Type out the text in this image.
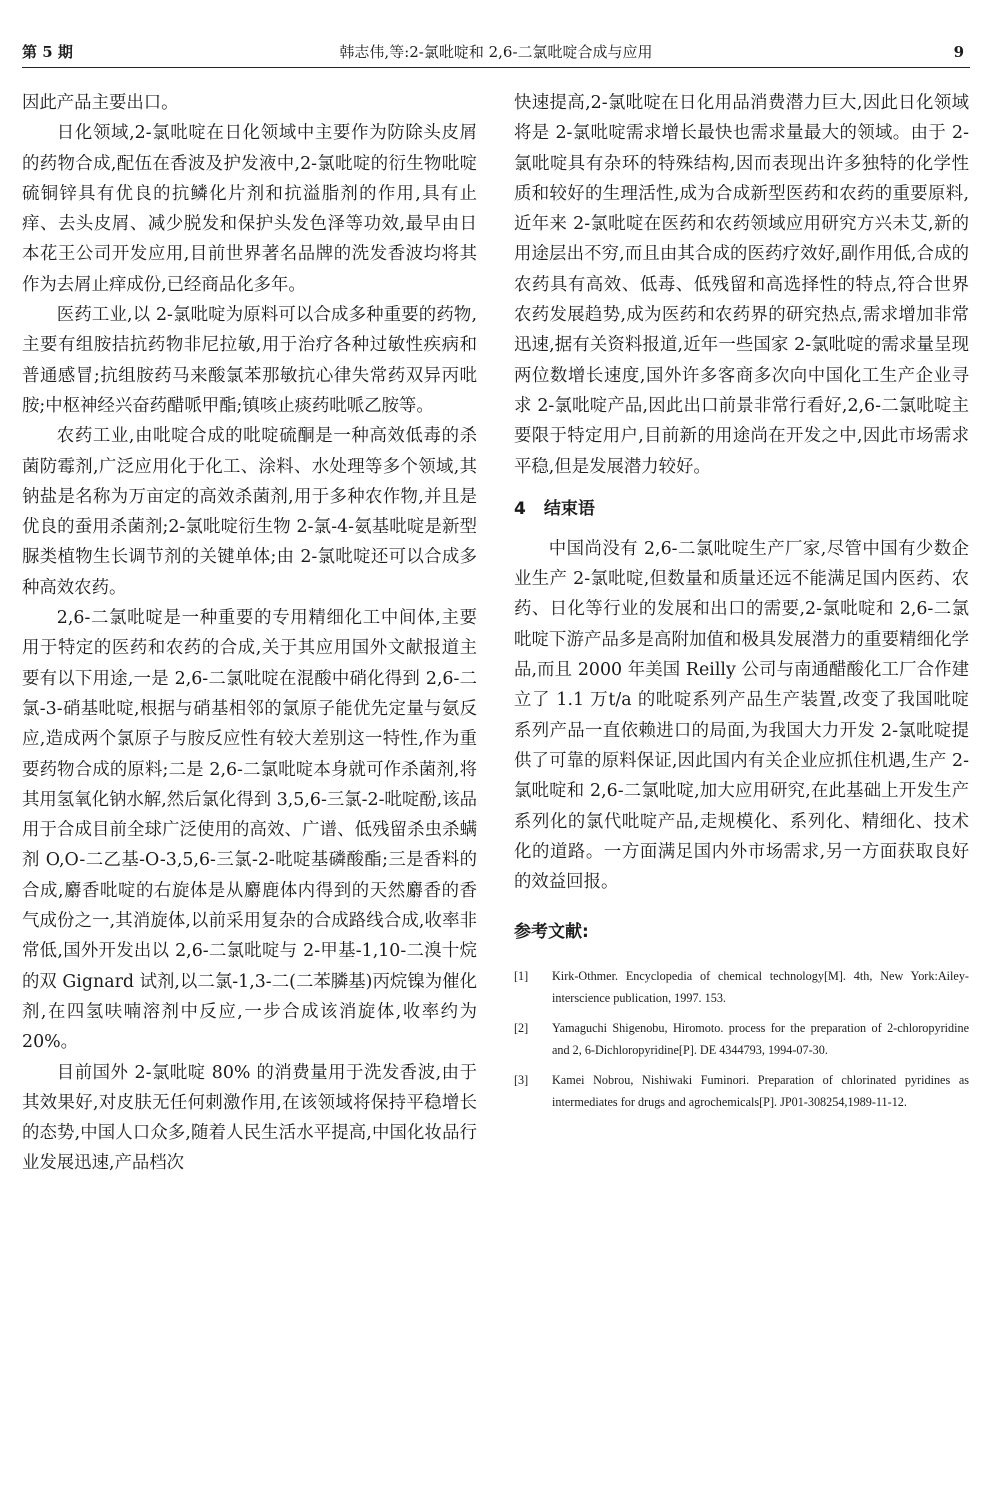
第 5 期	韩志伟,等:2-氯吡啶和 2,6-二氯吡啶合成与应用	9

因此产品主要出口。

日化领域,2-氯吡啶在日化领域中主要作为防除头皮屑的药物合成,配伍在香波及护发液中,2-氯吡啶的衍生物吡啶硫铜锌具有优良的抗鳞化片剂和抗溢脂剂的作用,具有止痒、去头皮屑、减少脱发和保护头发色泽等功效,最早由日本花王公司开发应用,目前世界著名品牌的洗发香波均将其作为去屑止痒成份,已经商品化多年。

医药工业,以 2-氯吡啶为原料可以合成多种重要的药物,主要有组胺拮抗药物非尼拉敏,用于治疗各种过敏性疾病和普通感冒;抗组胺药马来酸氯苯那敏抗心律失常药双异丙吡胺;中枢神经兴奋药醋哌甲酯;镇咳止痰药吡哌乙胺等。

农药工业,由吡啶合成的吡啶硫酮是一种高效低毒的杀菌防霉剂,广泛应用化于化工、涂料、水处理等多个领域,其钠盐是名称为万亩定的高效杀菌剂,用于多种农作物,并且是优良的蚕用杀菌剂;2-氯吡啶衍生物 2-氯-4-氨基吡啶是新型脲类植物生长调节剂的关键单体;由 2-氯吡啶还可以合成多种高效农药。

2,6-二氯吡啶是一种重要的专用精细化工中间体,主要用于特定的医药和农药的合成,关于其应用国外文献报道主要有以下用途,一是 2,6-二氯吡啶在混酸中硝化得到 2,6-二氯-3-硝基吡啶,根据与硝基相邻的氯原子能优先定量与氨反应,造成两个氯原子与胺反应性有较大差别这一特性,作为重要药物合成的原料;二是 2,6-二氯吡啶本身就可作杀菌剂,将其用氢氧化钠水解,然后氯化得到 3,5,6-三氯-2-吡啶酚,该品用于合成目前全球广泛使用的高效、广谱、低残留杀虫杀螨剂 O,O-二乙基-O-3,5,6-三氯-2-吡啶基磷酸酯;三是香料的合成,麝香吡啶的右旋体是从麝鹿体内得到的天然麝香的香气成份之一,其消旋体,以前采用复杂的合成路线合成,收率非常低,国外开发出以 2,6-二氯吡啶与 2-甲基-1,10-二溴十烷的双 Gignard 试剂,以二氯-1,3-二(二苯膦基)丙烷镍为催化剂,在四氢呋喃溶剂中反应,一步合成该消旋体,收率约为 20%。

目前国外 2-氯吡啶 80% 的消费量用于洗发香波,由于其效果好,对皮肤无任何刺激作用,在该领域将保持平稳增长的态势,中国人口众多,随着人民生活水平提高,中国化妆品行业发展迅速,产品档次

快速提高,2-氯吡啶在日化用品消费潜力巨大,因此日化领域将是 2-氯吡啶需求增长最快也需求量最大的领域。由于 2-氯吡啶具有杂环的特殊结构,因而表现出许多独特的化学性质和较好的生理活性,成为合成新型医药和农药的重要原料,近年来 2-氯吡啶在医药和农药领域应用研究方兴未艾,新的用途层出不穷,而且由其合成的医药疗效好,副作用低,合成的农药具有高效、低毒、低残留和高选择性的特点,符合世界农药发展趋势,成为医药和农药界的研究热点,需求增加非常迅速,据有关资料报道,近年一些国家 2-氯吡啶的需求量呈现两位数增长速度,国外许多客商多次向中国化工生产企业寻求 2-氯吡啶产品,因此出口前景非常行看好,2,6-二氯吡啶主要限于特定用户,目前新的用途尚在开发之中,因此市场需求平稳,但是发展潜力较好。

4 结束语

中国尚没有 2,6-二氯吡啶生产厂家,尽管中国有少数企业生产 2-氯吡啶,但数量和质量还远不能满足国内医药、农药、日化等行业的发展和出口的需要,2-氯吡啶和 2,6-二氯吡啶下游产品多是高附加值和极具发展潜力的重要精细化学品,而且 2000 年美国 Reilly 公司与南通醋酸化工厂合作建立了 1.1 万t/a 的吡啶系列产品生产装置,改变了我国吡啶系列产品一直依赖进口的局面,为我国大力开发 2-氯吡啶提供了可靠的原料保证,因此国内有关企业应抓住机遇,生产 2-氯吡啶和 2,6-二氯吡啶,加大应用研究,在此基础上开发生产系列化的氯代吡啶产品,走规模化、系列化、精细化、技术化的道路。一方面满足国内外市场需求,另一方面获取良好的效益回报。

参考文献:
[1] Kirk-Othmer. Encyclopedia of chemical technology[M]. 4th, New York:Ailey-interscience publication, 1997. 153.
[2] Yamaguchi Shigenobu, Hiromoto. process for the preparation of 2-chloropyridine and 2, 6-Dichloropyridine[P]. DE 4344793, 1994-07-30.
[3] Kamei Nobrou, Nishiwaki Fuminori. Preparation of chlorinated pyridines as intermediates for drugs and agrochemicals[P]. JP01-308254,1989-11-12.
